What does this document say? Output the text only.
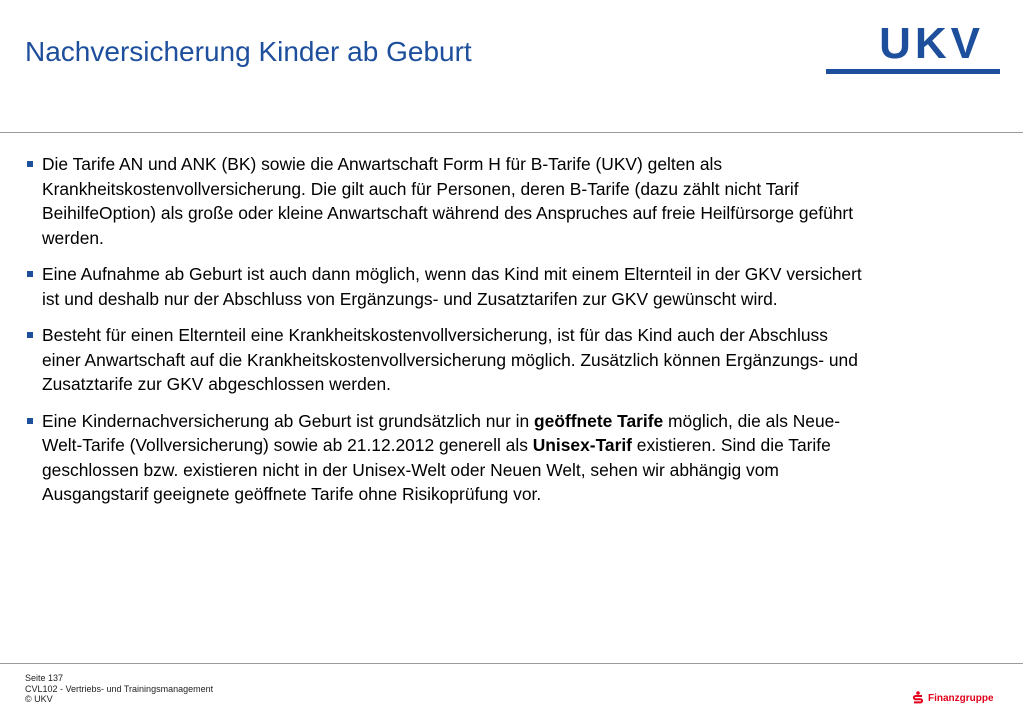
Nachversicherung Kinder ab Geburt	UKV
Die Tarife AN und ANK (BK) sowie die Anwartschaft Form H für B-Tarife (UKV) gelten als Krankheitskostenvollversicherung. Die gilt auch für Personen, deren B-Tarife (dazu zählt nicht Tarif BeihilfeOption) als große oder kleine Anwartschaft während des Anspruches auf freie Heilfürsorge geführt werden.
Eine Aufnahme ab Geburt ist auch dann möglich, wenn das Kind mit einem Elternteil in der GKV versichert ist und deshalb nur der Abschluss von Ergänzungs- und Zusatztarifen zur GKV gewünscht wird.
Besteht für einen Elternteil eine Krankheitskostenvollversicherung, ist für das Kind auch der Abschluss einer Anwartschaft auf die Krankheitskostenvollversicherung möglich. Zusätzlich können Ergänzungs- und Zusatztarife zur GKV abgeschlossen werden.
Eine Kindernachversicherung ab Geburt ist grundsätzlich nur in geöffnete Tarife möglich, die als Neue-Welt-Tarife (Vollversicherung) sowie ab 21.12.2012 generell als Unisex-Tarif existieren. Sind die Tarife geschlossen bzw. existieren nicht in der Unisex-Welt oder Neuen Welt, sehen wir abhängig vom Ausgangstarif geeignete geöffnete Tarife ohne Risikoprüfung vor.
Seite 137
CVL102 - Vertriebs- und Trainingsmanagement
© UKV	Finanzgruppe
